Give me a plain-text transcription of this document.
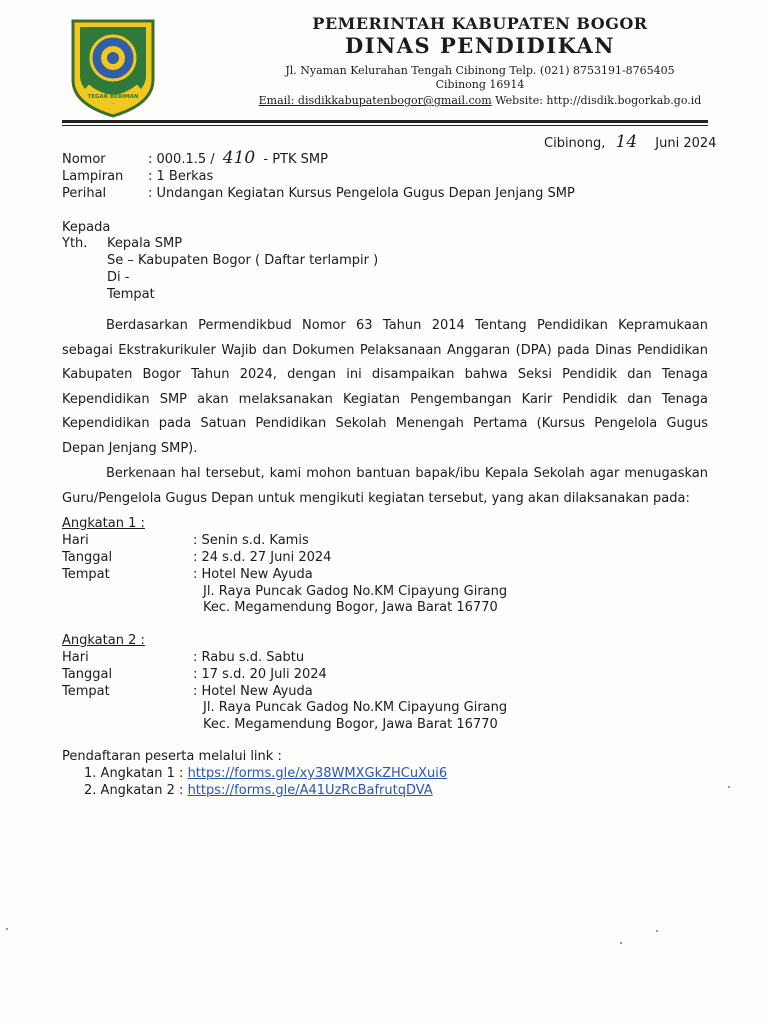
TEGAR BERIMAN
PEMERINTAH KABUPATEN BOGOR
DINAS PENDIDIKAN
Jl. Nyaman Kelurahan Tengah Cibinong Telp. (021) 8753191-8765405
Cibinong 16914
Email: disdikkabupatenbogor@gmail.com Website: http://disdik.bogorkab.go.id
Cibinong, 14 Juni 2024
Nomor	: 000.1.5 / 410 - PTK SMP
Lampiran : 1 Berkas
Perihal	: Undangan Kegiatan Kursus Pengelola Gugus Depan Jenjang SMP
Kepada
Yth. Kepala SMP
Se – Kabupaten Bogor ( Daftar terlampir )
Di -
Tempat
Berdasarkan Permendikbud Nomor 63 Tahun 2014 Tentang Pendidikan Kepramukaan sebagai Ekstrakurikuler Wajib dan Dokumen Pelaksanaan Anggaran (DPA) pada Dinas Pendidikan Kabupaten Bogor Tahun 2024, dengan ini disampaikan bahwa Seksi Pendidik dan Tenaga Kependidikan SMP akan melaksanakan Kegiatan Pengembangan Karir Pendidik dan Tenaga Kependidikan pada Satuan Pendidikan Sekolah Menengah Pertama (Kursus Pengelola Gugus Depan Jenjang SMP).
Berkenaan hal tersebut, kami mohon bantuan bapak/ibu Kepala Sekolah agar menugaskan Guru/Pengelola Gugus Depan untuk mengikuti kegiatan tersebut, yang akan dilaksanakan pada:
Angkatan 1 :
Hari	: Senin s.d. Kamis
Tanggal	: 24 s.d. 27 Juni 2024
Tempat	: Hotel New Ayuda
Jl. Raya Puncak Gadog No.KM Cipayung Girang
Kec. Megamendung Bogor, Jawa Barat 16770
Angkatan 2 :
Hari	: Rabu s.d. Sabtu
Tanggal	: 17 s.d. 20 Juli 2024
Tempat	: Hotel New Ayuda
Jl. Raya Puncak Gadog No.KM Cipayung Girang
Kec. Megamendung Bogor, Jawa Barat 16770
Pendaftaran peserta melalui link :
1. Angkatan 1 : https://forms.gle/xy38WMXGkZHCuXui6
2. Angkatan 2 : https://forms.gle/A41UzRcBafrutqDVA
